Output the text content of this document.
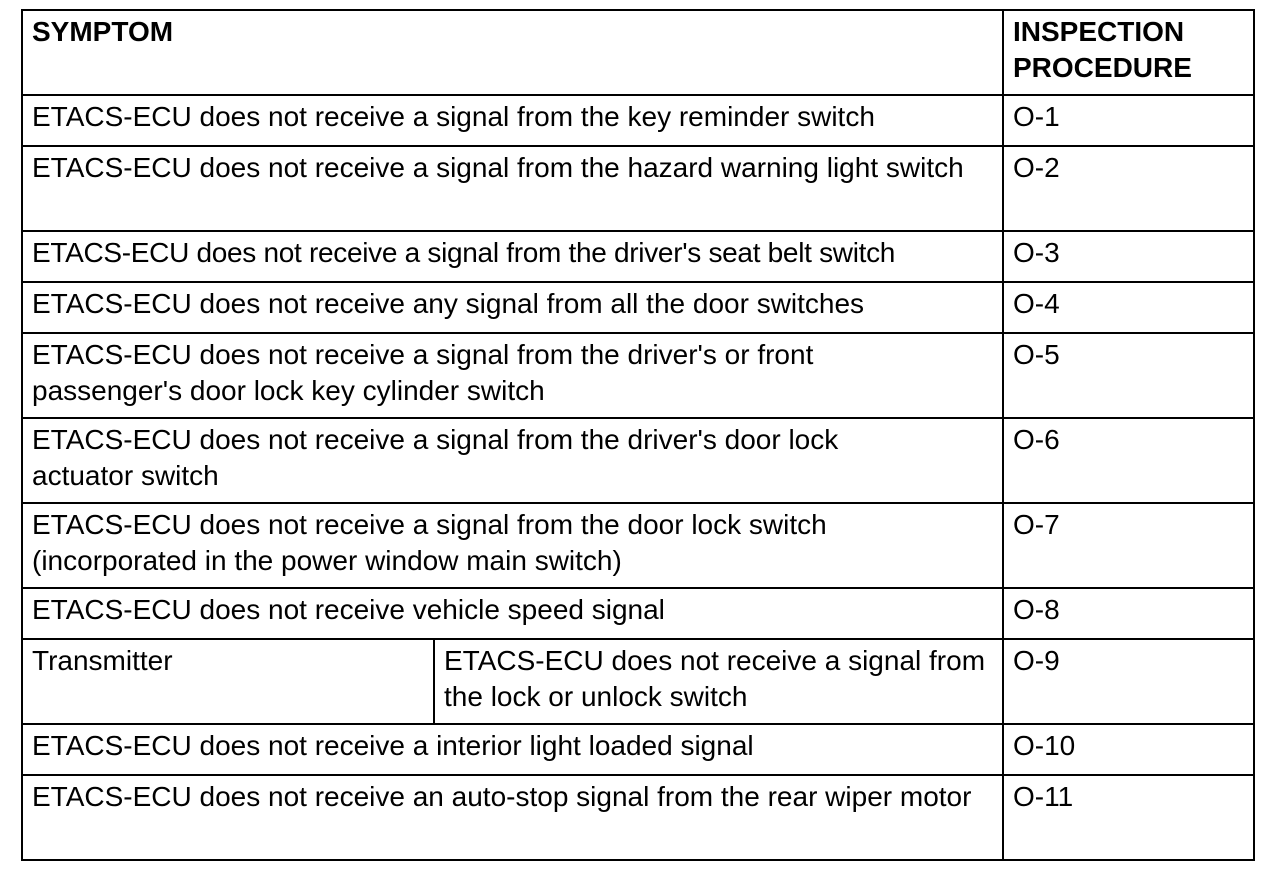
SYMPTOM		INSPECTION
PROCEDURE
ETACS-ECU does not receive a signal from the key reminder switch		O-1
ETACS-ECU does not receive a signal from the hazard warning light switch		O-2
ETACS-ECU does not receive a signal from the driver's seat belt switch		O-3
ETACS-ECU does not receive any signal from all the door switches		O-4

ETACS-ECU does not receive a signal from the driver's or front passenger's door lock key cylinder switch		O-5

ETACS-ECU does not receive a signal from the driver's door lock actuator switch		O-6

ETACS-ECU does not receive a signal from the door lock switch (incorporated in the power window main switch)		O-7
ETACS-ECU does not receive vehicle speed signal		O-8
Transmitter	ETACS-ECU does not receive a signal from the lock or unlock switch	O-9
ETACS-ECU does not receive a interior light loaded signal		O-10

ETACS-ECU does not receive an auto-stop signal from the rear wiper motor		O-11
